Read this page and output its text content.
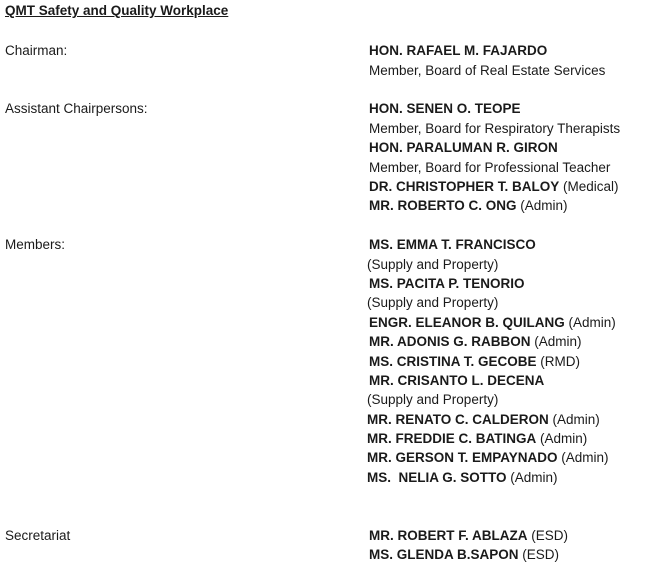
QMT Safety and Quality Workplace
Chairman:	HON. RAFAEL M. FAJARDO
Member, Board of Real Estate Services
Assistant Chairpersons:	HON. SENEN O. TEOPE
Member, Board for Respiratory Therapists
HON. PARALUMAN R. GIRON
Member, Board for Professional Teacher
DR. CHRISTOPHER T. BALOY (Medical)
MR. ROBERTO C. ONG (Admin)
Members:	MS. EMMA T. FRANCISCO
(Supply and Property)
MS. PACITA P. TENORIO
(Supply and Property)
ENGR. ELEANOR B. QUILANG (Admin)
MR. ADONIS G. RABBON (Admin)
MS. CRISTINA T. GECOBE (RMD)
MR. CRISANTO L. DECENA
(Supply and Property)
MR. RENATO C. CALDERON (Admin)
MR. FREDDIE C. BATINGA (Admin)
MR. GERSON T. EMPAYNADO (Admin)
MS.  NELIA G. SOTTO (Admin)
Secretariat	MR. ROBERT F. ABLAZA (ESD)
MS. GLENDA B.SAPON (ESD)
